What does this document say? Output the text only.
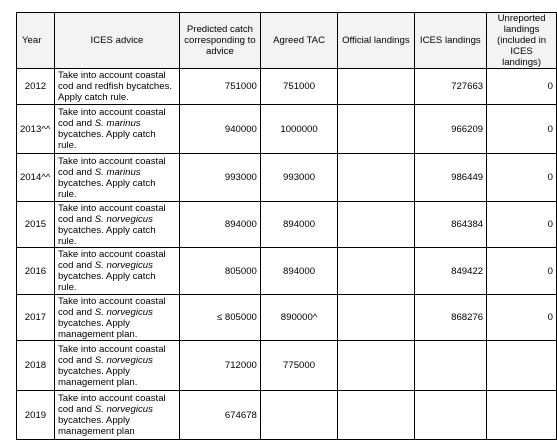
Year	ICES advice	Predicted catch corresponding to advice	Agreed TAC	Official landings	ICES landings	Unreported landings (included in ICES landings)
2012	Take into account coastal cod and redfish bycatches. Apply catch rule.	751000	751000		727663	0
2013^^	Take into account coastal cod and S. marinus bycatches. Apply catch rule.	940000	1000000		966209	0
2014^^	Take into account coastal cod and S. marinus bycatches. Apply catch rule.	993000	993000		986449	0
2015	Take into account coastal cod and S. norvegicus bycatches. Apply catch rule.	894000	894000		864384	0
2016	Take into account coastal cod and S. norvegicus bycatches. Apply catch rule.	805000	894000		849422	0
2017	Take into account coastal cod and S. norvegicus bycatches. Apply management plan.	≤ 805000	890000^		868276	0
2018	Take into account coastal cod and S. norvegicus bycatches. Apply management plan.	712000	775000			
2019	Take into account coastal cod and S. norvegicus bycatches. Apply management plan	674678				
